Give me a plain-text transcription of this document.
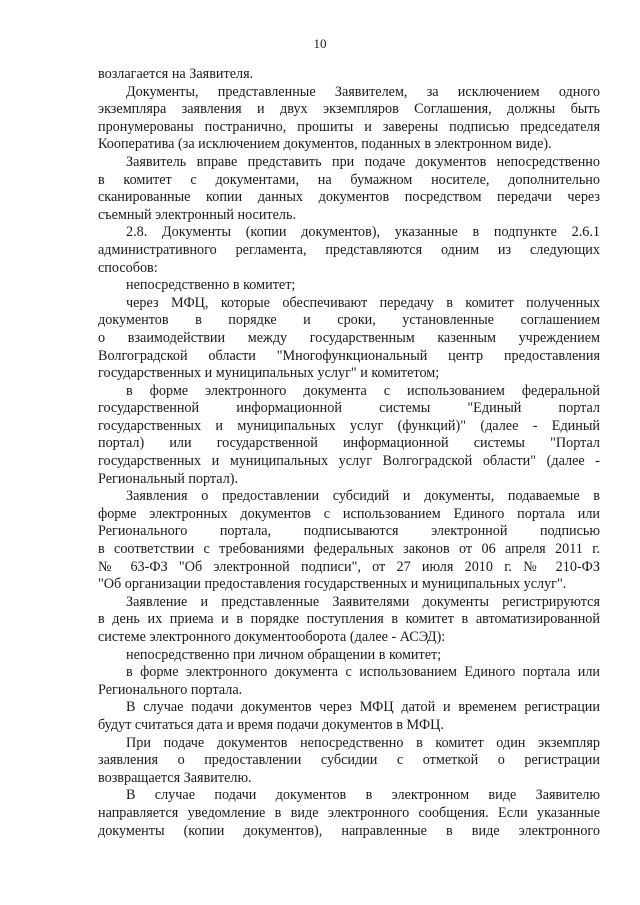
10

возлагается на Заявителя.

Документы, представленные Заявителем, за исключением одного

экземпляра заявления и двух экземпляров Соглашения, должны быть

пронумерованы постранично, прошиты и заверены подписью председателя

Кооператива (за исключением документов, поданных в электронном виде).

Заявитель вправе представить при подаче документов непосредственно

в комитет с документами, на бумажном носителе, дополнительно

сканированные копии данных документов посредством передачи через

съемный электронный носитель.

2.8. Документы (копии документов), указанные в подпункте 2.6.1

административного регламента, представляются одним из следующих

способов:

непосредственно в комитет;

через МФЦ, которые обеспечивают передачу в комитет полученных

документов в порядке и сроки, установленные соглашением

о взаимодействии между государственным казенным учреждением

Волгоградской области "Многофункциональный центр предоставления

государственных и муниципальных услуг" и комитетом;

в форме электронного документа с использованием федеральной

государственной информационной системы "Единый портал

государственных и муниципальных услуг (функций)" (далее - Единый

портал) или государственной информационной системы "Портал

государственных и муниципальных услуг Волгоградской области" (далее -

Региональный портал).

Заявления о предоставлении субсидий и документы, подаваемые в

форме электронных документов с использованием Единого портала или

Регионального портала, подписываются электронной подписью

в соответствии с требованиями федеральных законов от 06 апреля 2011 г.

№ 63-ФЗ "Об электронной подписи", от 27 июля 2010 г. № 210-ФЗ

"Об организации предоставления государственных и муниципальных услуг".

Заявление и представленные Заявителями документы регистрируются

в день их приема и в порядке поступления в комитет в автоматизированной

системе электронного документооборота (далее - АСЭД):

непосредственно при личном обращении в комитет;

в форме электронного документа с использованием Единого портала или

Регионального портала.

В случае подачи документов через МФЦ датой и временем регистрации

будут считаться дата и время подачи документов в МФЦ.

При подаче документов непосредственно в комитет один экземпляр

заявления о предоставлении субсидии с отметкой о регистрации

возвращается Заявителю.

В случае подачи документов в электронном виде Заявителю

направляется уведомление в виде электронного сообщения. Если указанные

документы (копии документов), направленные в виде электронного
